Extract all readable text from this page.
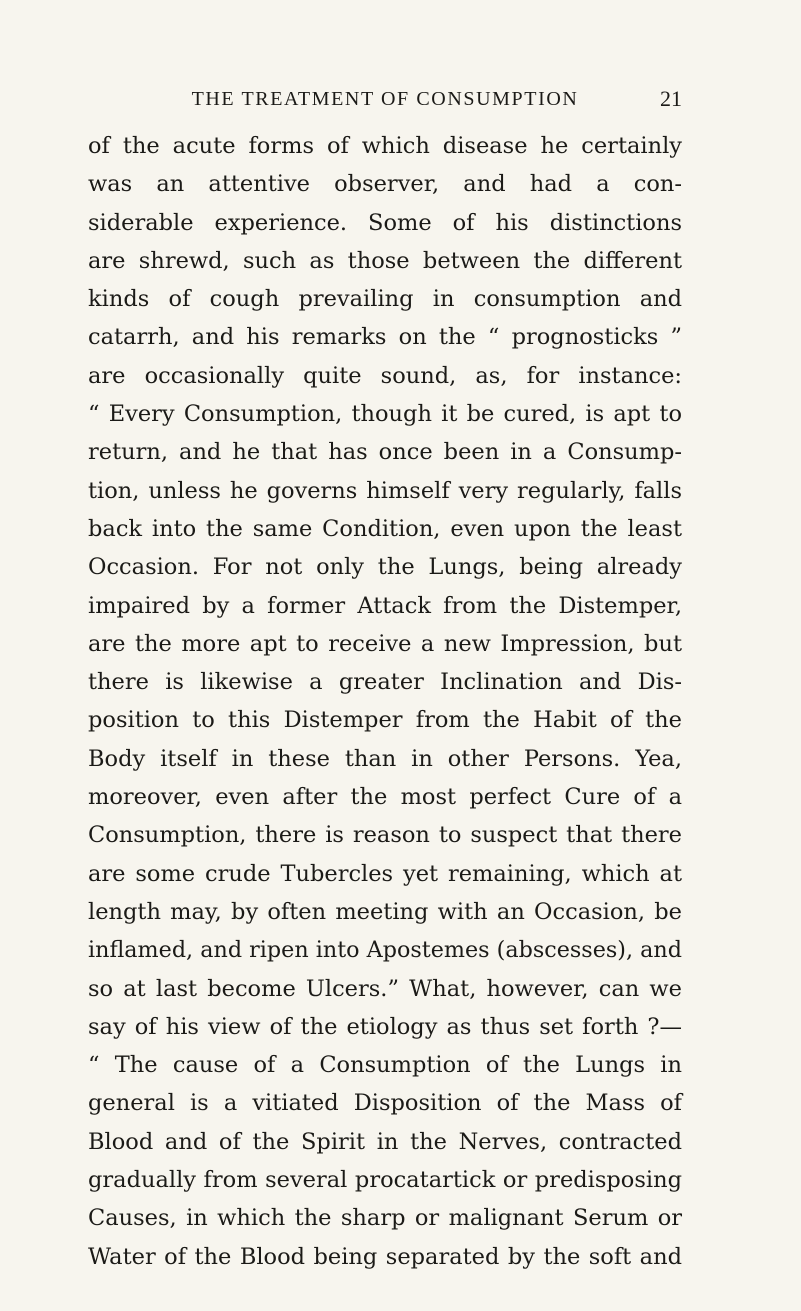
THE TREATMENT OF CONSUMPTION	21
of the acute forms of which disease he certainly
was an attentive observer, and had a con-
siderable experience. Some of his distinctions
are shrewd, such as those between the different
kinds of cough prevailing in consumption and
catarrh, and his remarks on the “ prognosticks ”
are occasionally quite sound, as, for instance:
“ Every Consumption, though it be cured, is apt to
return, and he that has once been in a Consump-
tion, unless he governs himself very regularly, falls
back into the same Condition, even upon the least
Occasion. For not only the Lungs, being already
impaired by a former Attack from the Distemper,
are the more apt to receive a new Impression, but
there is likewise a greater Inclination and Dis-
position to this Distemper from the Habit of the
Body itself in these than in other Persons. Yea,
moreover, even after the most perfect Cure of a
Consumption, there is reason to suspect that there
are some crude Tubercles yet remaining, which at
length may, by often meeting with an Occasion, be
inflamed, and ripen into Apostemes (abscesses), and
so at last become Ulcers.” What, however, can we
say of his view of the etiology as thus set forth ?—
“ The cause of a Consumption of the Lungs in
general is a vitiated Disposition of the Mass of
Blood and of the Spirit in the Nerves, contracted
gradually from several procatartick or predisposing
Causes, in which the sharp or malignant Serum or
Water of the Blood being separated by the soft and
